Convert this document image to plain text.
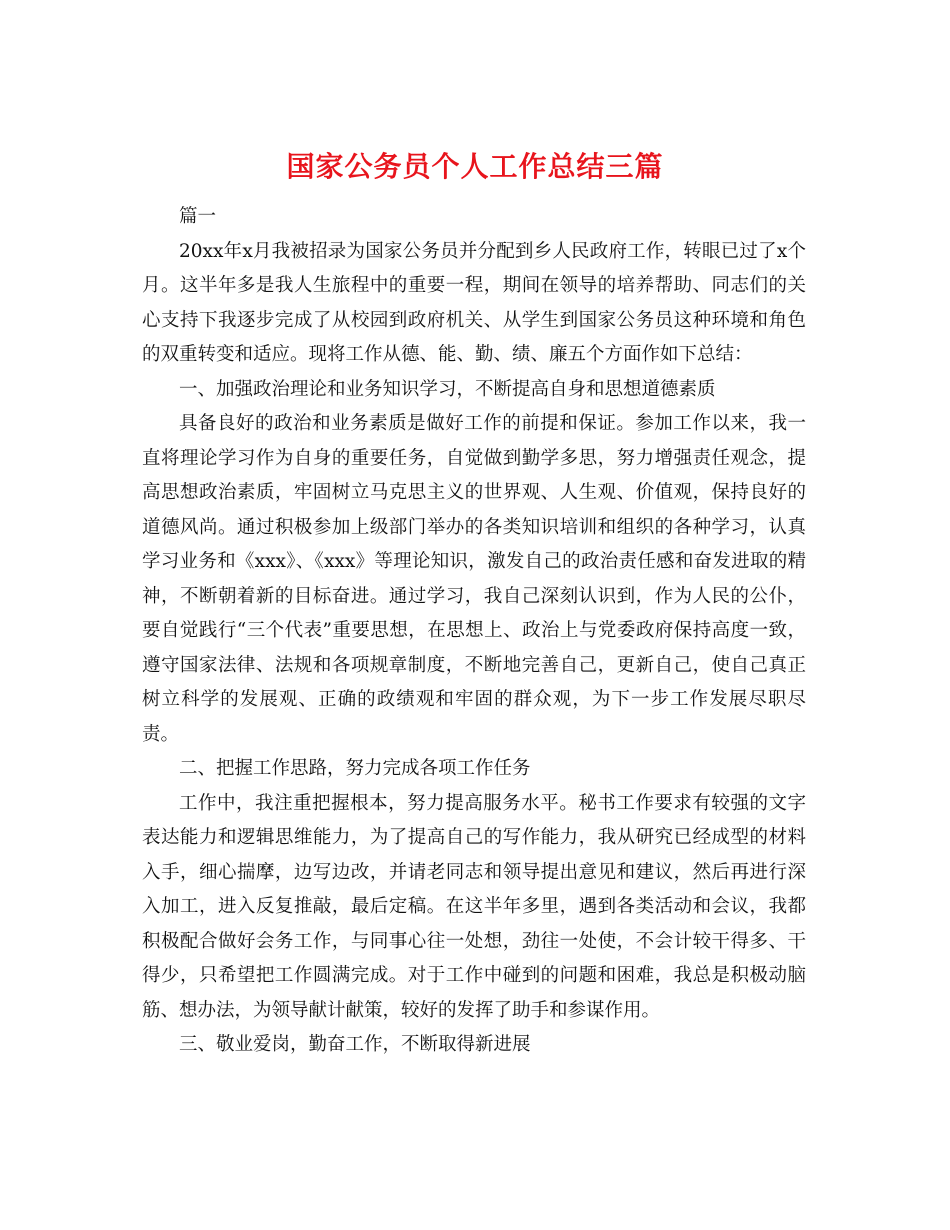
国家公务员个人工作总结三篇

篇一

20xx年x月我被招录为国家公务员并分配到乡人民政府工作，转眼已过了x个月。这半年多是我人生旅程中的重要一程，期间在领导的培养帮助、同志们的关心支持下我逐步完成了从校园到政府机关、从学生到国家公务员这种环境和角色的双重转变和适应。现将工作从德、能、勤、绩、廉五个方面作如下总结：

一、加强政治理论和业务知识学习，不断提高自身和思想道德素质

具备良好的政治和业务素质是做好工作的前提和保证。参加工作以来，我一直将理论学习作为自身的重要任务，自觉做到勤学多思，努力增强责任观念，提高思想政治素质，牢固树立马克思主义的世界观、人生观、价值观，保持良好的道德风尚。通过积极参加上级部门举办的各类知识培训和组织的各种学习，认真学习业务和《xxx》、《xxx》等理论知识，激发自己的政治责任感和奋发进取的精神，不断朝着新的目标奋进。通过学习，我自己深刻认识到，作为人民的公仆，要自觉践行“三个代表”重要思想，在思想上、政治上与党委政府保持高度一致，遵守国家法律、法规和各项规章制度，不断地完善自己，更新自己，使自己真正树立科学的发展观、正确的政绩观和牢固的群众观，为下一步工作发展尽职尽责。

二、把握工作思路，努力完成各项工作任务

工作中，我注重把握根本，努力提高服务水平。秘书工作要求有较强的文字表达能力和逻辑思维能力，为了提高自己的写作能力，我从研究已经成型的材料入手，细心揣摩，边写边改，并请老同志和领导提出意见和建议，然后再进行深入加工，进入反复推敲，最后定稿。在这半年多里，遇到各类活动和会议，我都积极配合做好会务工作，与同事心往一处想，劲往一处使，不会计较干得多、干得少，只希望把工作圆满完成。对于工作中碰到的问题和困难，我总是积极动脑筋、想办法，为领导献计献策，较好的发挥了助手和参谋作用。

三、敬业爱岗，勤奋工作，不断取得新进展
